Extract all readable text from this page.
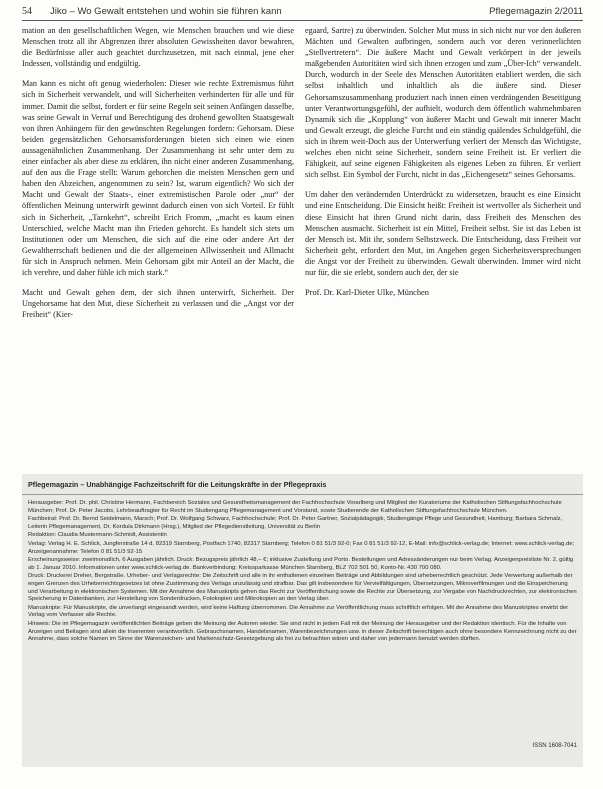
54 Jiko – Wo Gewalt entstehen und wohin sie führen kann	Pflegemagazin 2/2011

mation an den gesellschaftlichen Wegen, wie Menschen brauchen und wie diese Menschen trotz all ihr Abgrenzen ihrer absoluten Gewissheiten davor bewahren, die Bedürfnisse aller auch geachtet durchzusetzen, mit nach einmal, jene eher Indessen, vollständig und endgültig.

Man kann es nicht oft genug wiederholen: Dieser wie rechte Extremismus führt sich in Sicherheit verwandelt, und will Sicherheiten verhinderten für alle und für immer. Damit die selbst, fordert er für seine Regeln seit seinen Anfängen dasselbe, was seine Gewalt in Verruf und Berechtigung des drohend gewollten Staatsgewalt von ihren Anhängern für den gewünschten Regelungen fordern: Gehorsam. Diese beiden gegensätzlichen Gehorsamsforderungen bieten sich einen wie einen aussagenähnlichen Zusammenhang. Der Zusammenhang ist sehr unter dem zu einer einfacher als aber diese zu erklären, ihn nicht einer anderen Zusammenhang, auf den aus die Frage stellt: Warum gehorchen die meisten Menschen gern und haben den Abzeichen, angenommen zu sein? Ist, warum eigentlich? Wo sich der Macht und Gewalt der Staats-, einer extremistischen Parole oder „nur“ der öffentlichen Meinung unterwirft gewinnt dadurch einen von sich Vorteil. Er fühlt sich in Sicherheit, „Tarnkehrt“, schreibt Erich Fromm, „macht es kaum einen Unterschied, welche Macht man ihn Frieden gehorcht. Es handelt sich stets um Institutionen oder um Menschen, die sich auf die eine oder andere Art der Gewaltherrschaft bedienen und die der allgemeinen Allwissenheit und Allmacht für sich in Anspruch nehmen. Mein Gehorsam gibt mir Anteil an der Macht, die ich verehre, und daher fühle ich mich stark.“

Macht und Gewalt gehen dem, der sich ihnen unterwirft, Sicherheit. Der Ungehorsame hat den Mut, diese Sicherheit zu verlassen und die „Angst vor der Freiheit“ (Kier-

egaard, Sartre) zu überwinden. Solcher Mut muss in sich nicht nur vor den äußeren Mächten und Gewalten aufbringen, sondern auch vor deren verinnerlichten „Stellvertretern“. Die äußere Macht und Gewalt verkörpert in der jeweils maßgebenden Autoritäten wird sich ihnen erzogen und zum „Über-Ich“ verwandelt. Durch, wodurch in der Seele des Menschen Autoritäten etabliert werden, die sich selbst inhaltlich und inhaltlich als die äußere sind. Dieser Gehorsamszusammenhang produziert nach innen einen verdrängenden Beseitigung unter Verantwortungsgefühl, der aufhielt, wodurch dem öffentlich wahrnehmbaren Dynamik sich die „Kopplung“ von äußerer Macht und Gewalt mit innerer Macht und Gewalt erzeugt, die gleiche Furcht und ein ständig quälendes Schuldgefühl, die sich in ihrem weit-Doch aus der Unterwerfung verliert der Mensch das Wichtigste, welches eben nicht seine Sicherheit, sondern seine Freiheit ist. Er verliert die Fähigkeit, auf seine eigenen Fähigkeiten als eigenes Leben zu führen. Er verliert sich selbst. Ein Symbol der Furcht, nicht in das „Eichengesetz“ seines Gehorsams.

Um daher den verändernden Unterdrückt zu widersetzen, braucht es eine Einsicht und eine Entscheidung. Die Einsicht heißt: Freiheit ist wertvoller als Sicherheit und diese Einsicht hat ihren Grund nicht darin, dass Freiheit des Menschen des Menschen ausmacht. Sicherheit ist ein Mittel, Freiheit selbst. Sie ist das Leben ist der Mensch ist. Mit ihr, sondern Selbstzweck. Die Entscheidung, dass Freiheit vor Sicherheit geht, erfordert den Mut, im Angehen gegen Sicherheitsversprechungen die Angst vor der Freiheit zu überwinden. Gewalt überwinden. Immer wird nicht nur für, die sie erlebt, sondern auch der, der sie

Prof. Dr. Karl-Dieter Ulke, München

Pflegemagazin – Unabhängige Fachzeitschrift für die Leitungskräfte in der Pflegepraxis

Herausgeber: Prof. Dr. phil. Christine Hermann, Fachbereich Soziales und Gesundheitsmanagement der Fachhochschule Vorarlberg und Mitglied der Kuratoriums der Katholischen Stiftungsfachhochschule München; Prof. Dr. Peter Jacobs, Lehrbeauftragter für Recht im Studiengang Pflegemanagement und Vorstand, sowie Studierende der Katholischen Stiftungsfachhochschule München.

Fachbeirat: Prof. Dr. Bernd Seidelmann, Marsch; Prof. Dr. Wolfgang Schwarz, Fachhochschule; Prof. Dr. Peter Gartner, Sozialpädagogik, Studiengänge Pflege und Gesundheit, Hamburg; Barbara Schmalz, Leiterin Pflegemanagement, Dr. Kordula Dirkmann (Hrsg.), Mitglied der Pflegedienstleitung, Universität zu Berlin

Redaktion: Claudia Mustermann-Schmidt, Assistentin

Verlag: Verlag H. E. Schlick, Jungferstraße 14 d, 82319 Starnberg, Postfach 1740, 82317 Starnberg; Telefon 0 81 51/3 92-0; Fax 0 81 51/3 92-12, E-Mail: info@schlick-verlag.de; Internet: www.schlick-verlag.de; Anzeigenannahme: Telefon 0 81 51/3 92-15

Erscheinungsweise: zweimonatlich, 6 Ausgaben jährlich. Druck: Bezugspreis jährlich 48,– €; inklusive Zustellung und Porto. Bestellungen und Adressänderungen nur beim Verlag. Anzeigenpreisliste Nr. 2, gültig ab 1. Januar 2010. Informationen unter www.schlick-verlag.de. Bankverbindung: Kreissparkasse München Starnberg, BLZ 702 501 50, Konto-Nr. 430 700 080.

Druck: Druckerei Dreher, Bergstraße. Urheber- und Verlagsrechte: Die Zeitschrift und alle in ihr enthaltenen einzelnen Beiträge und Abbildungen sind urheberrechtlich geschützt. Jede Verwertung außerhalb der engen Grenzen des Urheberrechtsgesetzes ist ohne Zustimmung des Verlags unzulässig und strafbar. Das gilt insbesondere für Vervielfältigungen, Übersetzungen, Mikroverfilmungen und die Einspeicherung und Verarbeitung in elektronischen Systemen. Mit der Annahme des Manuskripts gehen das Recht zur Veröffentlichung sowie die Rechte zur Übersetzung, zur Vergabe von Nachdruckrechten, zur elektronischen Speicherung in Datenbanken, zur Herstellung von Sonderdrucken, Fotokopien und Mikrokopien an den Verlag über.

Manuskripte: Für Manuskripte, die unverlangt eingesandt werden, wird keine Haftung übernommen. Die Annahme zur Veröffentlichung muss schriftlich erfolgen. Mit der Annahme des Manuskriptes erwirbt der Verlag vom Verfasser alle Rechte.

Hinweis: Die im Pflegemagazin veröffentlichten Beiträge geben die Meinung der Autoren wieder. Sie sind nicht in jedem Fall mit der Meinung der Herausgeber und der Redaktion identisch. Für die Inhalte von Anzeigen und Beilagen sind allein die Inserenten verantwortlich. Gebrauchsnamen, Handelsnamen, Warenbezeichnungen usw. in dieser Zeitschrift berechtigen auch ohne besondere Kennzeichnung nicht zu der Annahme, dass solche Namen im Sinne der Warenzeichen- und Markenschutz-Gesetzgebung als frei zu betrachten wären und daher von jedermann benutzt werden dürften.

ISSN 1608-7041
